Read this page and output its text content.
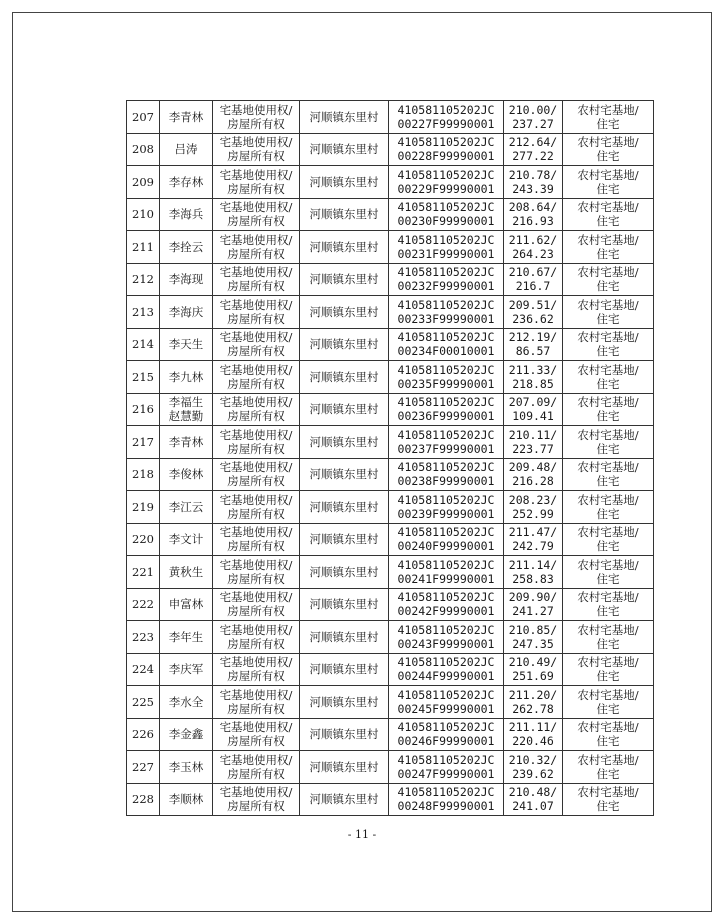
207	李青林	宅基地使用权/
房屋所有权	河顺镇东里村	410581105202JC
00227F99990001	210.00/
237.27	农村宅基地/
住宅

208	吕涛	宅基地使用权/
房屋所有权	河顺镇东里村	410581105202JC
00228F99990001	212.64/
277.22	农村宅基地/
住宅

209	李存林	宅基地使用权/
房屋所有权	河顺镇东里村	410581105202JC
00229F99990001	210.78/
243.39	农村宅基地/
住宅

210	李海兵	宅基地使用权/
房屋所有权	河顺镇东里村	410581105202JC
00230F99990001	208.64/
216.93	农村宅基地/
住宅

211	李拴云	宅基地使用权/
房屋所有权	河顺镇东里村	410581105202JC
00231F99990001	211.62/
264.23	农村宅基地/
住宅

212	李海现	宅基地使用权/
房屋所有权	河顺镇东里村	410581105202JC
00232F99990001	210.67/
216.7	农村宅基地/
住宅

213	李海庆	宅基地使用权/
房屋所有权	河顺镇东里村	410581105202JC
00233F99990001	209.51/
236.62	农村宅基地/
住宅

214	李天生	宅基地使用权/
房屋所有权	河顺镇东里村	410581105202JC
00234F00010001	212.19/
86.57	农村宅基地/
住宅

215	李九林	宅基地使用权/
房屋所有权	河顺镇东里村	410581105202JC
00235F99990001	211.33/
218.85	农村宅基地/
住宅

216	李福生
赵慧勤	宅基地使用权/
房屋所有权	河顺镇东里村	410581105202JC
00236F99990001	207.09/
109.41	农村宅基地/
住宅

217	李青林	宅基地使用权/
房屋所有权	河顺镇东里村	410581105202JC
00237F99990001	210.11/
223.77	农村宅基地/
住宅

218	李俊林	宅基地使用权/
房屋所有权	河顺镇东里村	410581105202JC
00238F99990001	209.48/
216.28	农村宅基地/
住宅

219	李江云	宅基地使用权/
房屋所有权	河顺镇东里村	410581105202JC
00239F99990001	208.23/
252.99	农村宅基地/
住宅

220	李文计	宅基地使用权/
房屋所有权	河顺镇东里村	410581105202JC
00240F99990001	211.47/
242.79	农村宅基地/
住宅

221	黄秋生	宅基地使用权/
房屋所有权	河顺镇东里村	410581105202JC
00241F99990001	211.14/
258.83	农村宅基地/
住宅

222	申富林	宅基地使用权/
房屋所有权	河顺镇东里村	410581105202JC
00242F99990001	209.90/
241.27	农村宅基地/
住宅

223	李年生	宅基地使用权/
房屋所有权	河顺镇东里村	410581105202JC
00243F99990001	210.85/
247.35	农村宅基地/
住宅

224	李庆军	宅基地使用权/
房屋所有权	河顺镇东里村	410581105202JC
00244F99990001	210.49/
251.69	农村宅基地/
住宅

225	李水全	宅基地使用权/
房屋所有权	河顺镇东里村	410581105202JC
00245F99990001	211.20/
262.78	农村宅基地/
住宅

226	李金鑫	宅基地使用权/
房屋所有权	河顺镇东里村	410581105202JC
00246F99990001	211.11/
220.46	农村宅基地/
住宅

227	李玉林	宅基地使用权/
房屋所有权	河顺镇东里村	410581105202JC
00247F99990001	210.32/
239.62	农村宅基地/
住宅

228	李顺林	宅基地使用权/
房屋所有权	河顺镇东里村	410581105202JC
00248F99990001	210.48/
241.07	农村宅基地/
住宅
- 11 -
